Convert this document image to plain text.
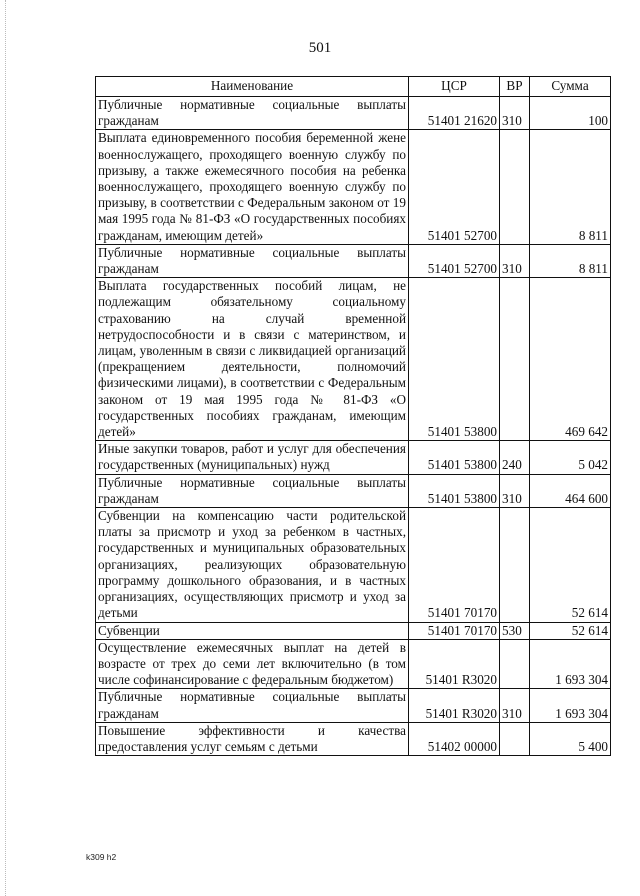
501
Наименование	ЦСР	ВР	Сумма
Публичные нормативные социальные выплаты гражданам	51401 21620	310	100
Выплата единовременного пособия беременной жене военнослужащего, проходящего военную службу по призыву, а также ежемесячного пособия на ребенка военнослужащего, проходящего военную службу по призыву, в соответствии с Федеральным законом от 19 мая 1995 года № 81-ФЗ «О государственных пособиях гражданам, имеющим детей»	51401 52700		8 811
Публичные нормативные социальные выплаты гражданам	51401 52700	310	8 811
Выплата государственных пособий лицам, не подлежащим обязательному социальному страхованию на случай временной нетрудоспособности и в связи с материнством, и лицам, уволенным в связи с ликвидацией организаций (прекращением деятельности, полномочий физическими лицами), в соответствии с Федеральным законом от 19 мая 1995 года № 81-ФЗ «О государственных пособиях гражданам, имеющим детей»	51401 53800		469 642
Иные закупки товаров, работ и услуг для обеспечения государственных (муниципальных) нужд	51401 53800	240	5 042
Публичные нормативные социальные выплаты гражданам	51401 53800	310	464 600
Субвенции на компенсацию части родительской платы за присмотр и уход за ребенком в частных, государственных и муниципальных образовательных организациях, реализующих образовательную программу дошкольного образования, и в частных организациях, осуществляющих присмотр и уход за детьми	51401 70170		52 614
Субвенции	51401 70170	530	52 614
Осуществление ежемесячных выплат на детей в возрасте от трех до семи лет включительно (в том числе софинансирование с федеральным бюджетом)	51401 R3020		1 693 304
Публичные нормативные социальные выплаты гражданам	51401 R3020	310	1 693 304
Повышение эффективности и качества предоставления услуг семьям с детьми	51402 00000		5 400
k309 h2
